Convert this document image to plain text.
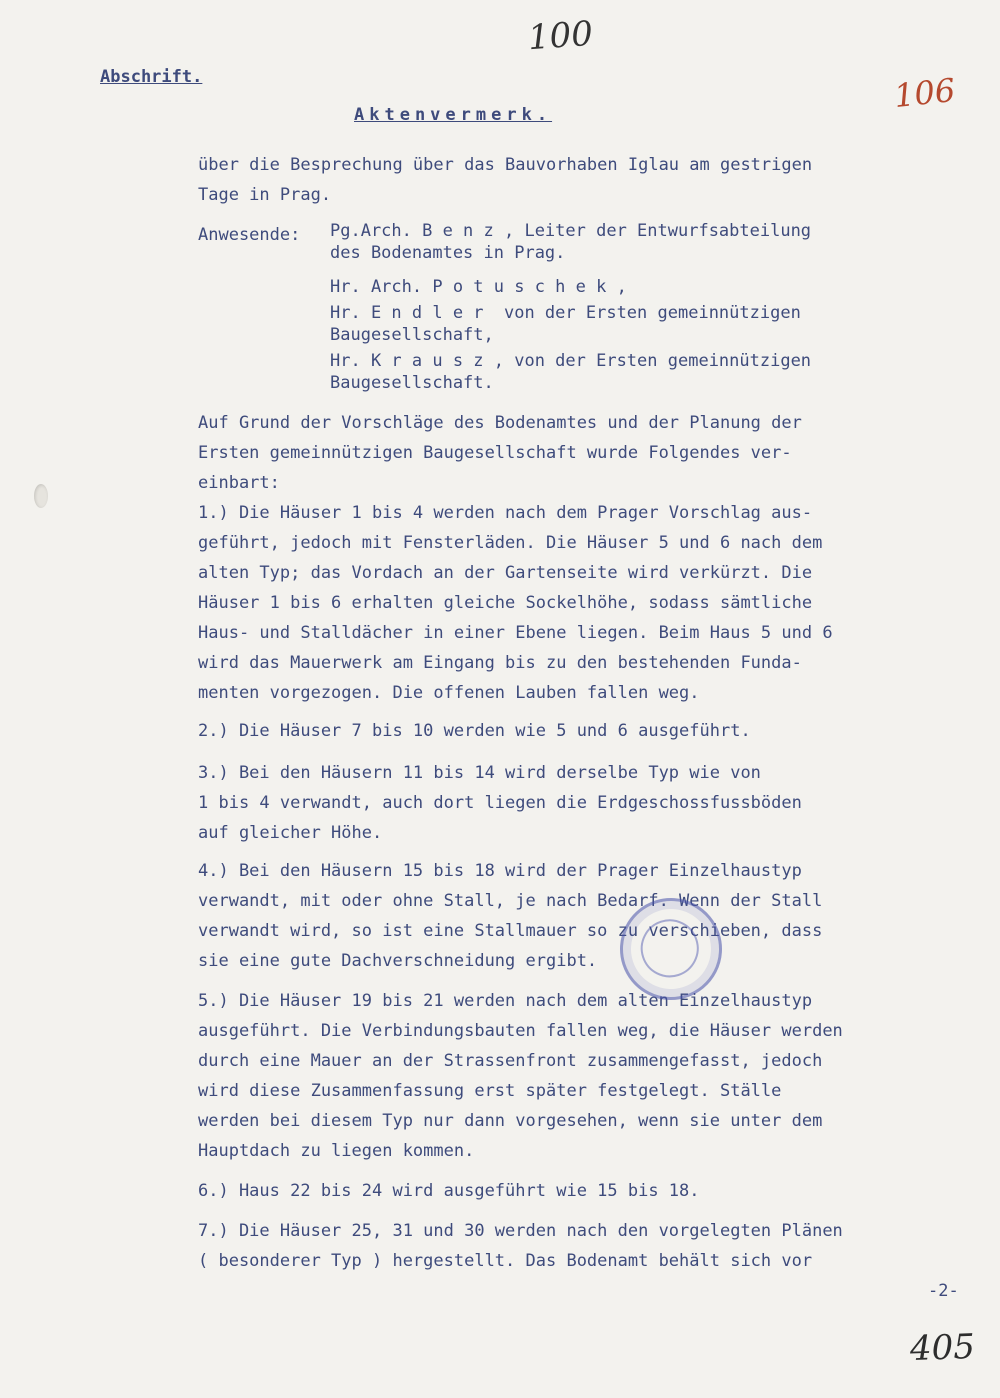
100
106
Abschrift.
Aktenvermerk.
über die Besprechung über das Bauvorhaben Iglau am gestrigen
Tage in Prag.
Anwesende: Pg.Arch. B e n z , Leiter der Entwurfsabteilung
des Bodenamtes in Prag.
Hr. Arch. P o t u s c h e k ,
Hr. E n d l e r  von der Ersten gemeinnützigen
Baugesellschaft,
Hr. K r a u s z , von der Ersten gemeinnützigen
Baugesellschaft.
Auf Grund der Vorschläge des Bodenamtes und der Planung der
Ersten gemeinnützigen Baugesellschaft wurde Folgendes ver-
einbart:
1.) Die Häuser 1 bis 4 werden nach dem Prager Vorschlag aus-
geführt, jedoch mit Fensterläden. Die Häuser 5 und 6 nach dem
alten Typ; das Vordach an der Gartenseite wird verkürzt. Die
Häuser 1 bis 6 erhalten gleiche Sockelhöhe, sodass sämtliche
Haus- und Stalldächer in einer Ebene liegen. Beim Haus 5 und 6
wird das Mauerwerk am Eingang bis zu den bestehenden Funda-
menten vorgezogen. Die offenen Lauben fallen weg.
2.) Die Häuser 7 bis 10 werden wie 5 und 6 ausgeführt.
3.) Bei den Häusern 11 bis 14 wird derselbe Typ wie von
1 bis 4 verwandt, auch dort liegen die Erdgeschossfussböden
auf gleicher Höhe.
4.) Bei den Häusern 15 bis 18 wird der Prager Einzelhaustyp
verwandt, mit oder ohne Stall, je nach Bedarf. Wenn der Stall
verwandt wird, so ist eine Stallmauer so zu verschieben, dass
sie eine gute Dachverschneidung ergibt.
5.) Die Häuser 19 bis 21 werden nach dem alten Einzelhaustyp
ausgeführt. Die Verbindungsbauten fallen weg, die Häuser werden
durch eine Mauer an der Strassenfront zusammengefasst, jedoch
wird diese Zusammenfassung erst später festgelegt. Ställe
werden bei diesem Typ nur dann vorgesehen, wenn sie unter dem
Hauptdach zu liegen kommen.
6.) Haus 22 bis 24 wird ausgeführt wie 15 bis 18.
7.) Die Häuser 25, 31 und 30 werden nach den vorgelegten Plänen
( besonderer Typ ) hergestellt. Das Bodenamt behält sich vor
-2-
405
